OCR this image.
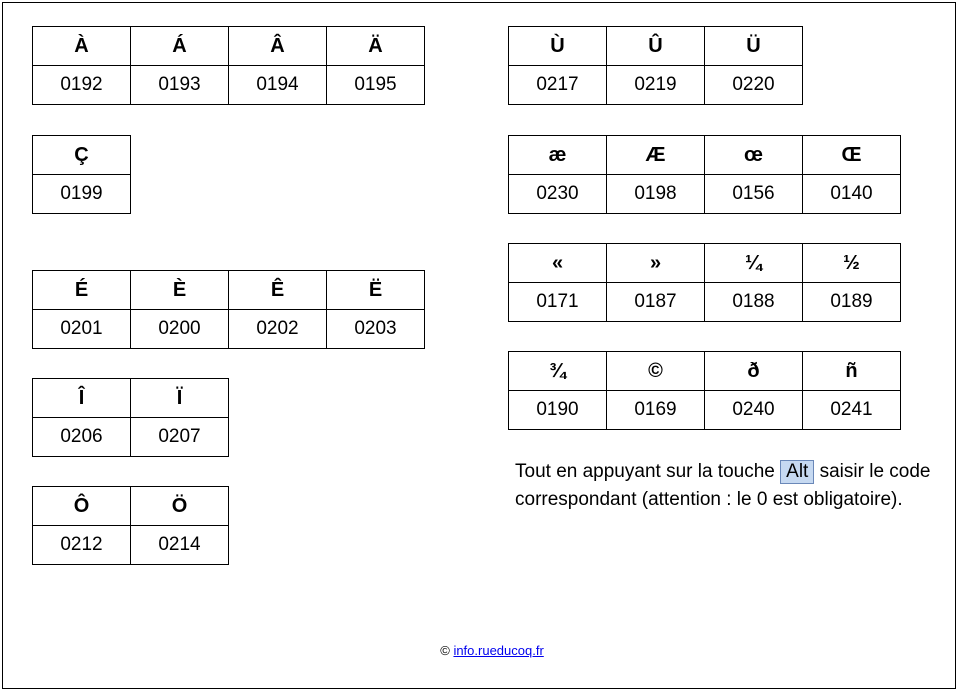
À	Á	Â	Ä
0192	0193	0194	0195
Ç
0199
É	È	Ê	Ë
0201	0200	0202	0203
Î	Ï
0206	0207
Ô	Ö
0212	0214
Ù	Û	Ü
0217	0219	0220
æ	Æ	œ	Œ
0230	0198	0156	0140
«	»	¼	½
0171	0187	0188	0189
¾	©	ð	ñ
0190	0169	0240	0241
Tout en appuyant sur la touche Alt saisir le code correspondant (attention : le 0 est obligatoire).
© info.rueducoq.fr
